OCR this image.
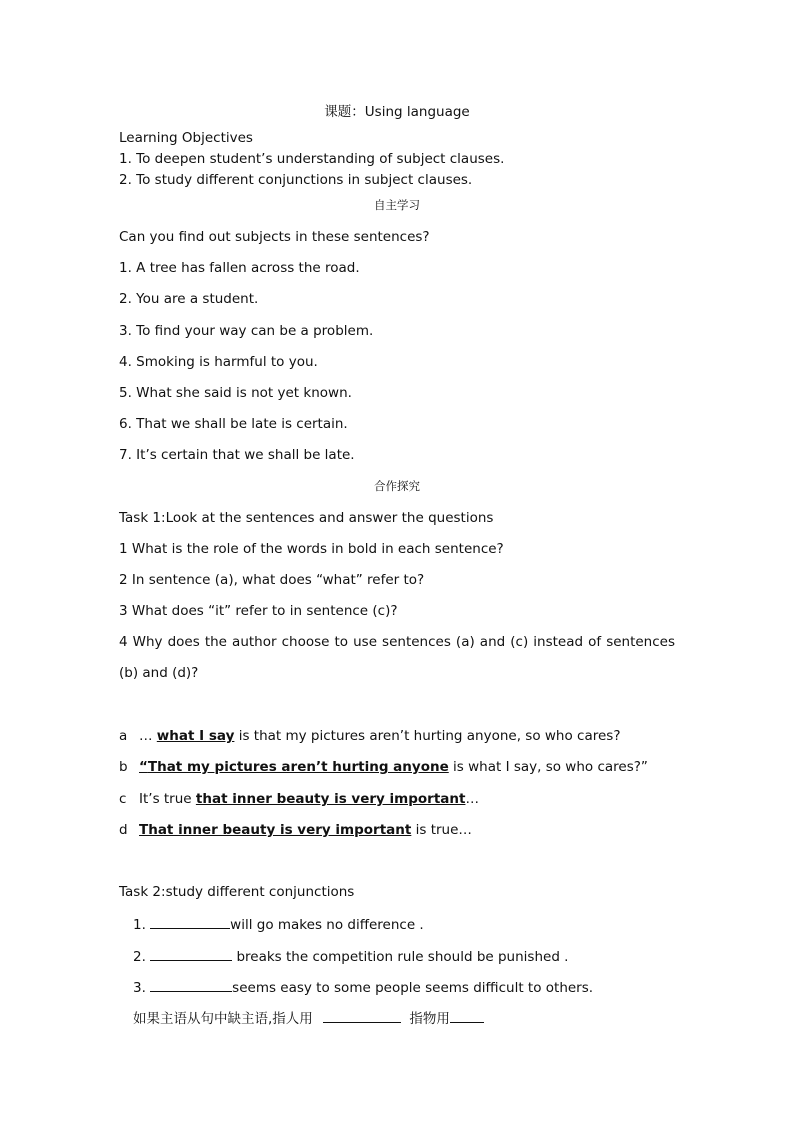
课题：Using language
Learning Objectives
1. To deepen student’s understanding of subject clauses.
2. To study different conjunctions in subject clauses.
自主学习
Can you find out subjects in these sentences?
1. A tree has fallen across the road.
2. You are a student.
3. To find your way can be a problem.
4. Smoking is harmful to you.
5. What she said is not yet known.
6. That we shall be late is certain.
7. It’s certain that we shall be late.
合作探究
Task 1:Look at the sentences and answer the questions
1 What is the role of the words in bold in each sentence?
2 In sentence (a), what does “what” refer to?
3 What does “it” refer to in sentence (c)?
4 Why does the author choose to use sentences (a) and (c) instead of sentences (b) and (d)?
a … what I say is that my pictures aren’t hurting anyone, so who cares?
b “That my pictures aren’t hurting anyone is what I say, so who cares?”
c It’s true that inner beauty is very important…
d That inner beauty is very important is true…
Task 2:study different conjunctions
1.	will go makes no difference .
2.	breaks the competition rule should be punished .
3.	seems easy to some people seems difficult to others.
如果主语从句中缺主语,指人用	指物用
